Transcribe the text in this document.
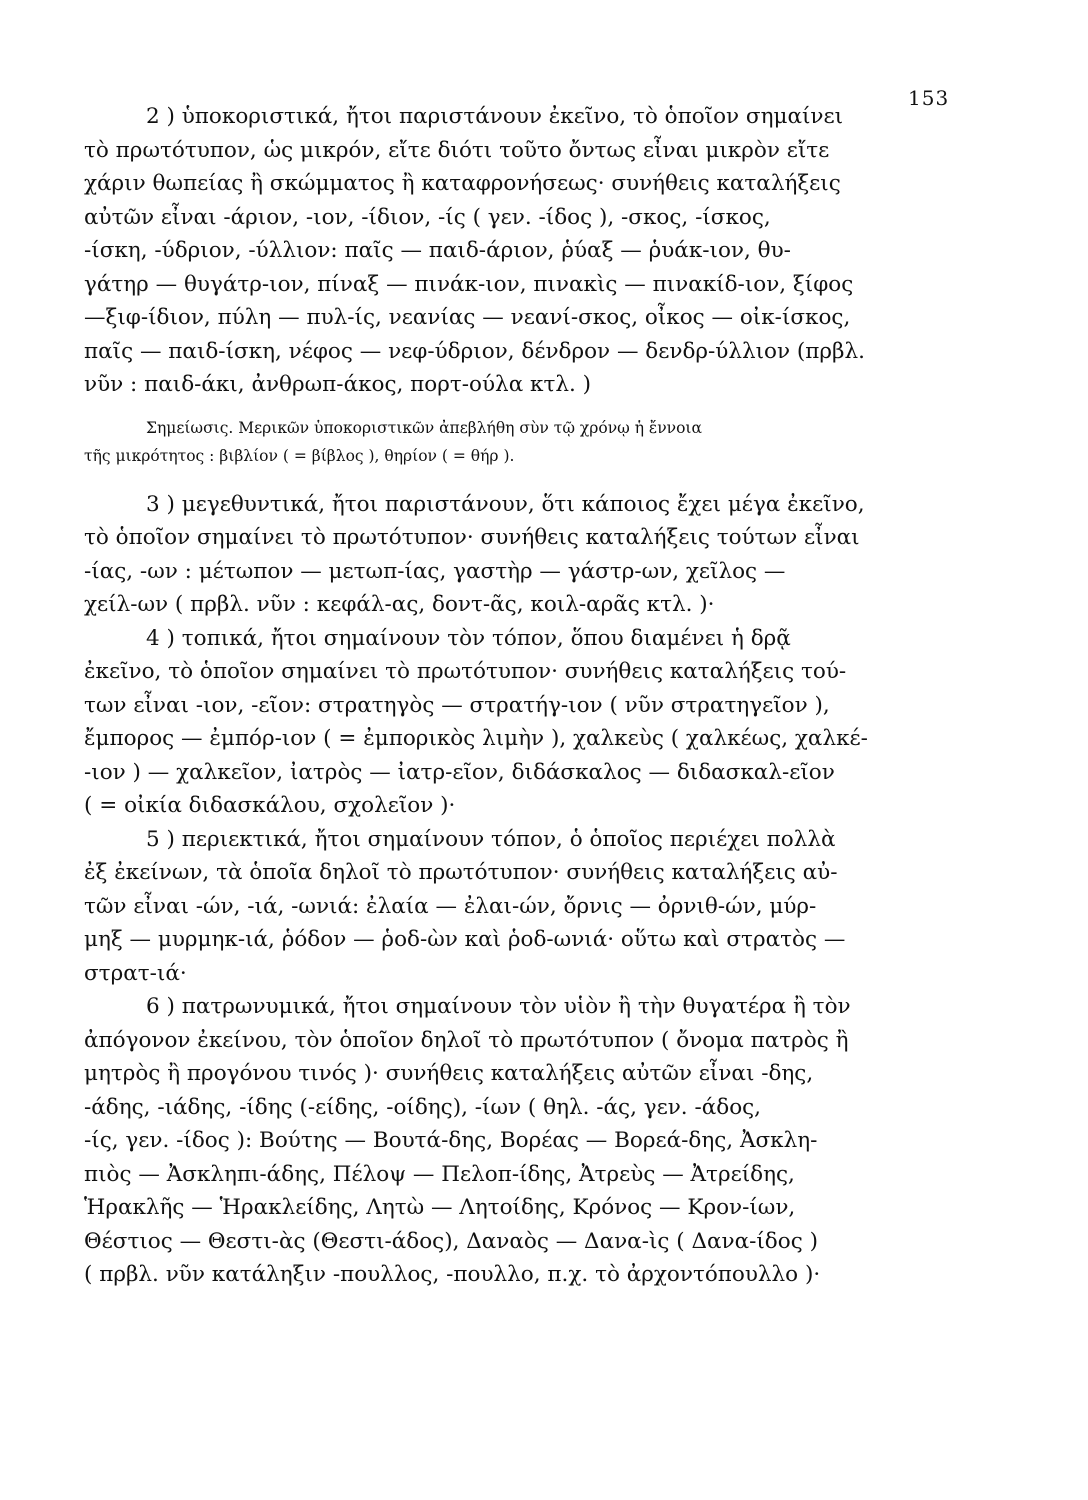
153

2 ) ὑποκοριστικά, ἤτοι παριστάνουν ἐκεῖνο, τὸ ὁποῖον σημαίνει
τὸ πρωτότυπον, ὡς μικρόν, εἴτε διότι τοῦτο ὄντως εἶναι μικρὸν εἴτε
χάριν θωπείας ἢ σκώμματος ἢ καταφρονήσεως· συνήθεις καταλήξεις
αὐτῶν εἶναι -άριον, -ιον, -ίδιον, -ίς ( γεν. -ίδος ), -σκος, -ίσκος,
-ίσκη, -ύδριον, -ύλλιον: παῖς — παιδ-άριον, ῥύαξ — ῥυάκ-ιον, θυ-
γάτηρ — θυγάτρ-ιον, πίναξ — πινάκ-ιον, πινακὶς — πινακίδ-ιον, ξίφος
—ξιφ-ίδιον, πύλη — πυλ-ίς, νεανίας — νεανί-σκος, οἶκος — οἰκ-ίσκος,
παῖς — παιδ-ίσκη, νέφος — νεφ-ύδριον, δένδρον — δενδρ-ύλλιον (πρβλ.
νῦν : παιδ-άκι, ἀνθρωπ-άκος, πορτ-ούλα κτλ. )

Σημείωσις. Μερικῶν ὑποκοριστικῶν ἀπεβλήθη σὺν τῷ χρόνῳ ἡ ἔννοια
τῆς μικρότητος : βιβλίον ( = βίβλος ), θηρίον ( = θήρ ).

3 ) μεγεθυντικά, ἤτοι παριστάνουν, ὅτι κάποιος ἔχει μέγα ἐκεῖνο,
τὸ ὁποῖον σημαίνει τὸ πρωτότυπον· συνήθεις καταλήξεις τούτων εἶναι
-ίας, -ων : μέτωπον — μετωπ-ίας, γαστὴρ — γάστρ-ων, χεῖλος —
χείλ-ων ( πρβλ. νῦν : κεφάλ-ας, δοντ-ᾶς, κοιλ-αρᾶς κτλ. )·

4 ) τοπικά, ἤτοι σημαίνουν τὸν τόπον, ὅπου διαμένει ἡ δρᾷ
ἐκεῖνο, τὸ ὁποῖον σημαίνει τὸ πρωτότυπον· συνήθεις καταλήξεις τού-
των εἶναι -ιον, -εῖον: στρατηγὸς — στρατήγ-ιον ( νῦν στρατηγεῖον ),
ἔμπορος — ἐμπόρ-ιον ( = ἐμπορικὸς λιμὴν ), χαλκεὺς ( χαλκέως, χαλκέ-
-ιον ) — χαλκεῖον, ἰατρὸς — ἰατρ-εῖον, διδάσκαλος — διδασκαλ-εῖον
( = οἰκία διδασκάλου, σχολεῖον )·

5 ) περιεκτικά, ἤτοι σημαίνουν τόπον, ὁ ὁποῖος περιέχει πολλὰ
ἐξ ἐκείνων, τὰ ὁποῖα δηλοῖ τὸ πρωτότυπον· συνήθεις καταλήξεις αὐ-
τῶν εἶναι -ών, -ιά, -ωνιά: ἐλαία — ἐλαι-ών, ὄρνις — ὀρνιθ-ών, μύρ-
μηξ — μυρμηκ-ιά, ῥόδον — ῥοδ-ὼν καὶ ῥοδ-ωνιά· οὕτω καὶ στρατὸς —
στρατ-ιά·

6 ) πατρωνυμικά, ἤτοι σημαίνουν τὸν υἱὸν ἢ τὴν θυγατέρα ἢ τὸν
ἀπόγονον ἐκείνου, τὸν ὁποῖον δηλοῖ τὸ πρωτότυπον ( ὄνομα πατρὸς ἢ
μητρὸς ἢ προγόνου τινός )· συνήθεις καταλήξεις αὐτῶν εἶναι -δης,
-άδης, -ιάδης, -ίδης (-είδης, -οίδης), -ίων ( θηλ. -άς, γεν. -άδος,
-ίς, γεν. -ίδος ): Βούτης — Βουτά-δης, Βορέας — Βορεά-δης, Ἀσκλη-
πιὸς — Ἀσκληπι-άδης, Πέλοψ — Πελοπ-ίδης, Ἀτρεὺς — Ἀτρείδης,
Ἡρακλῆς — Ἡρακλείδης, Λητὼ — Λητοίδης, Κρόνος — Κρον-ίων,
Θέστιος — Θεστι-ὰς (Θεστι-άδος), Δαναὸς — Δανα-ὶς ( Δανα-ίδος )
( πρβλ. νῦν κατάληξιν -πουλλος, -πουλλο, π.χ. τὸ ἀρχοντόπουλλο )·
